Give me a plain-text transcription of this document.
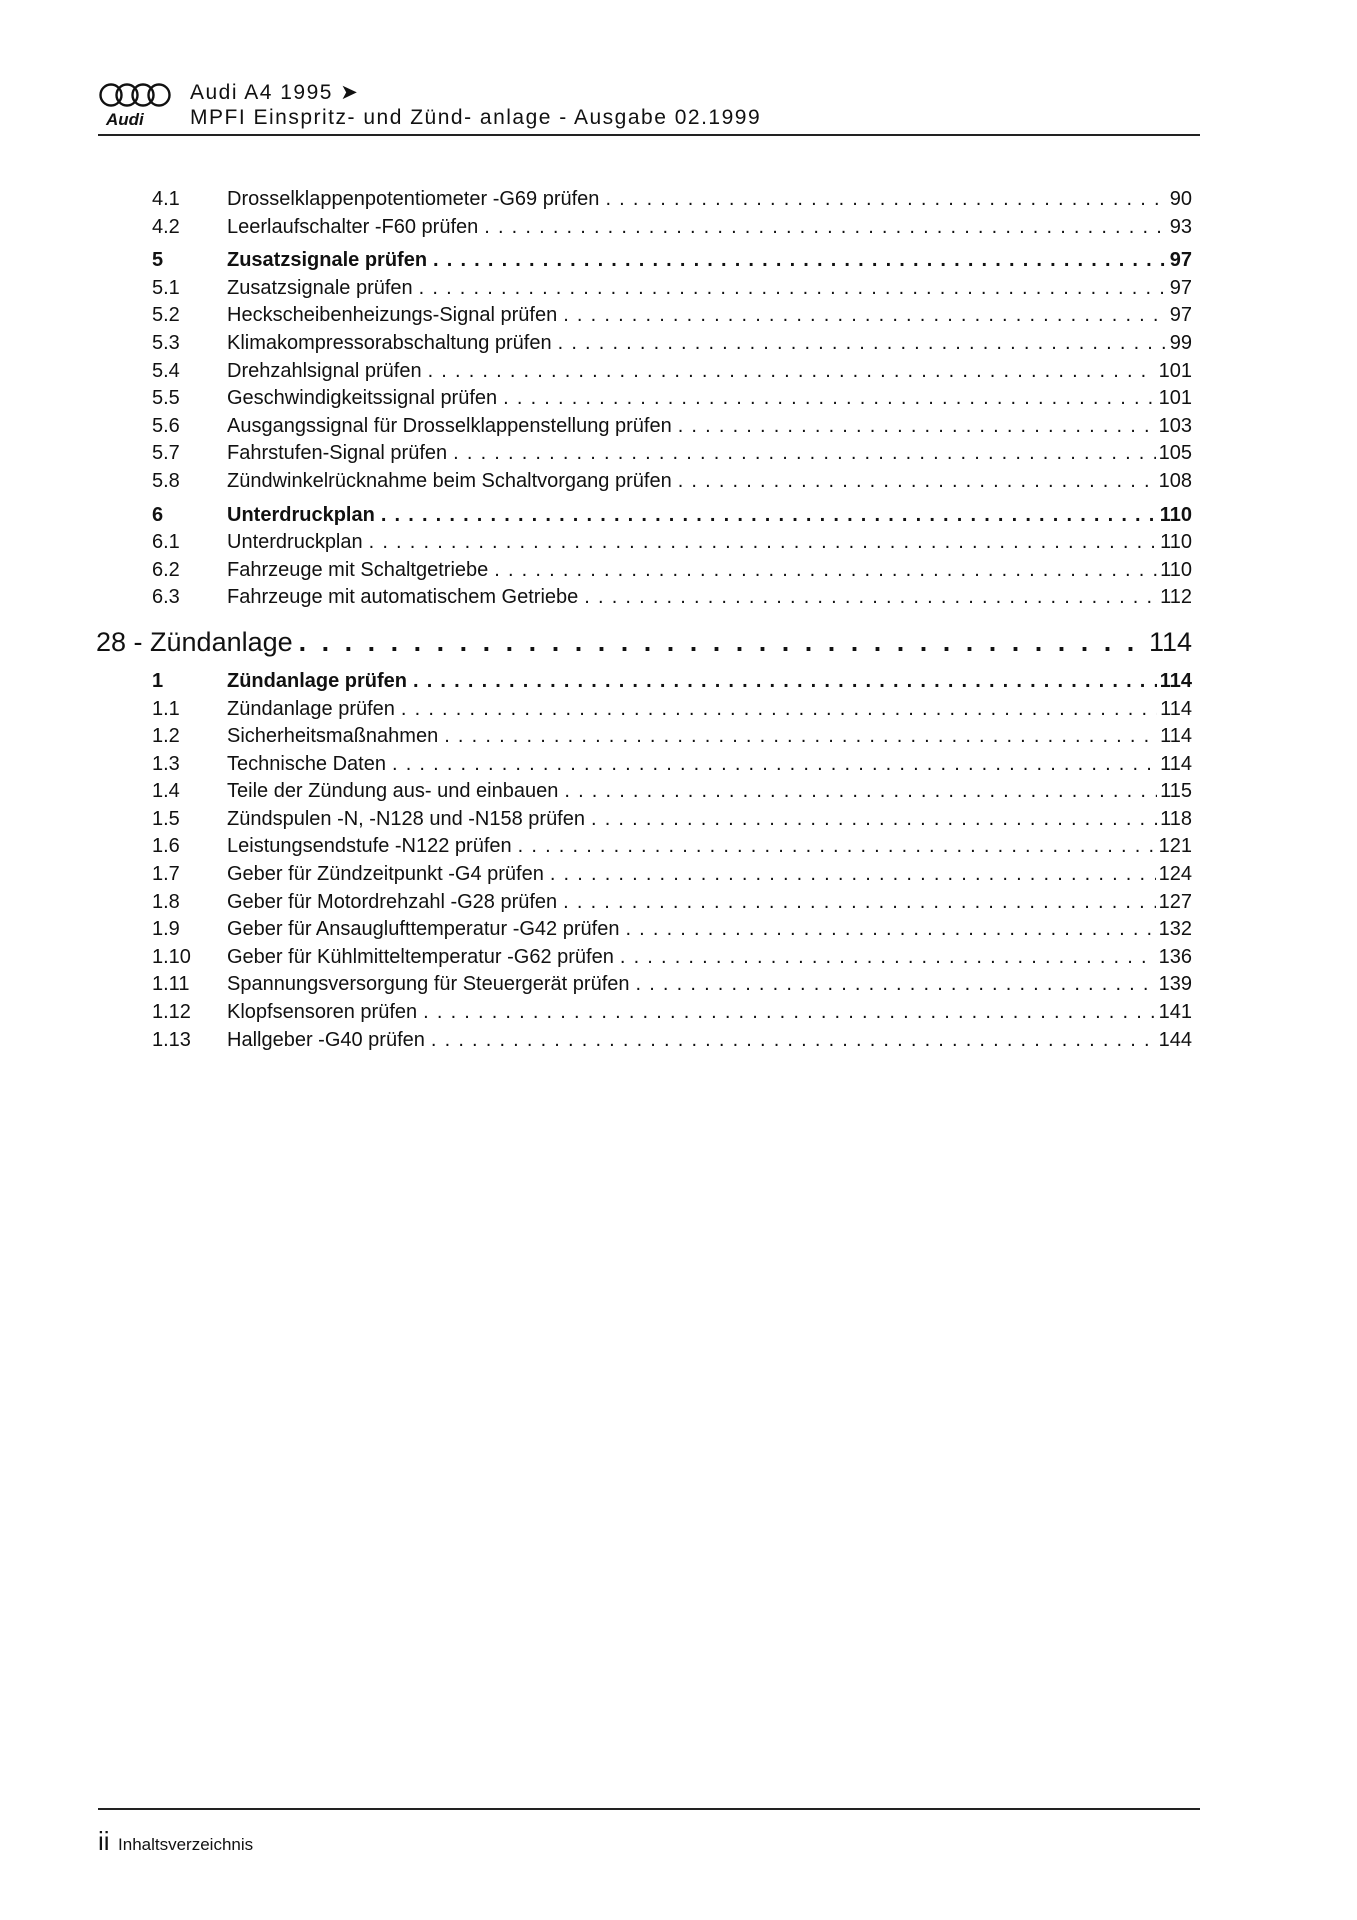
Audi
Audi A4 1995 ➤
MPFI Einspritz- und Zünd- anlage - Ausgabe 02.1999
4.1 Drosselklappenpotentiometer -G69 prüfen . . .	90
4.2 Leerlaufschalter -F60 prüfen . . .	93
5	Zusatzsignale prüfen . . .	97
5.1 Zusatzsignale prüfen . . .	97
5.2 Heckscheibenheizungs-Signal prüfen . . .	97
5.3 Klimakompressorabschaltung prüfen . . .	99
5.4 Drehzahlsignal prüfen . . .	101
5.5 Geschwindigkeitssignal prüfen . . .	101
5.6 Ausgangssignal für Drosselklappenstellung prüfen . . .	103
5.7 Fahrstufen-Signal prüfen . . .	105
5.8 Zündwinkelrücknahme beim Schaltvorgang prüfen . . .	108
6	Unterdruckplan . . .	110
6.1 Unterdruckplan . . .	110
6.2 Fahrzeuge mit Schaltgetriebe . . .	110
6.3 Fahrzeuge mit automatischem Getriebe . . .	112
28 - Zündanlage . . .	114
1	Zündanlage prüfen . . .	114
1.1 Zündanlage prüfen . . .	114
1.2 Sicherheitsmaßnahmen . . .	114
1.3 Technische Daten . . .	114
1.4 Teile der Zündung aus- und einbauen . . .	115
1.5 Zündspulen -N, -N128 und -N158 prüfen . . .	118
1.6 Leistungsendstufe -N122 prüfen . . .	121
1.7 Geber für Zündzeitpunkt -G4 prüfen . . .	124
1.8 Geber für Motordrehzahl -G28 prüfen . . .	127
1.9 Geber für Ansauglufttemperatur -G42 prüfen . . .	132
1.10 Geber für Kühlmitteltemperatur -G62 prüfen . . .	136
1.11 Spannungsversorgung für Steuergerät prüfen . . .	139
1.12 Klopfsensoren prüfen . . .	141
1.13 Hallgeber -G40 prüfen . . .	144
ii Inhaltsverzeichnis
